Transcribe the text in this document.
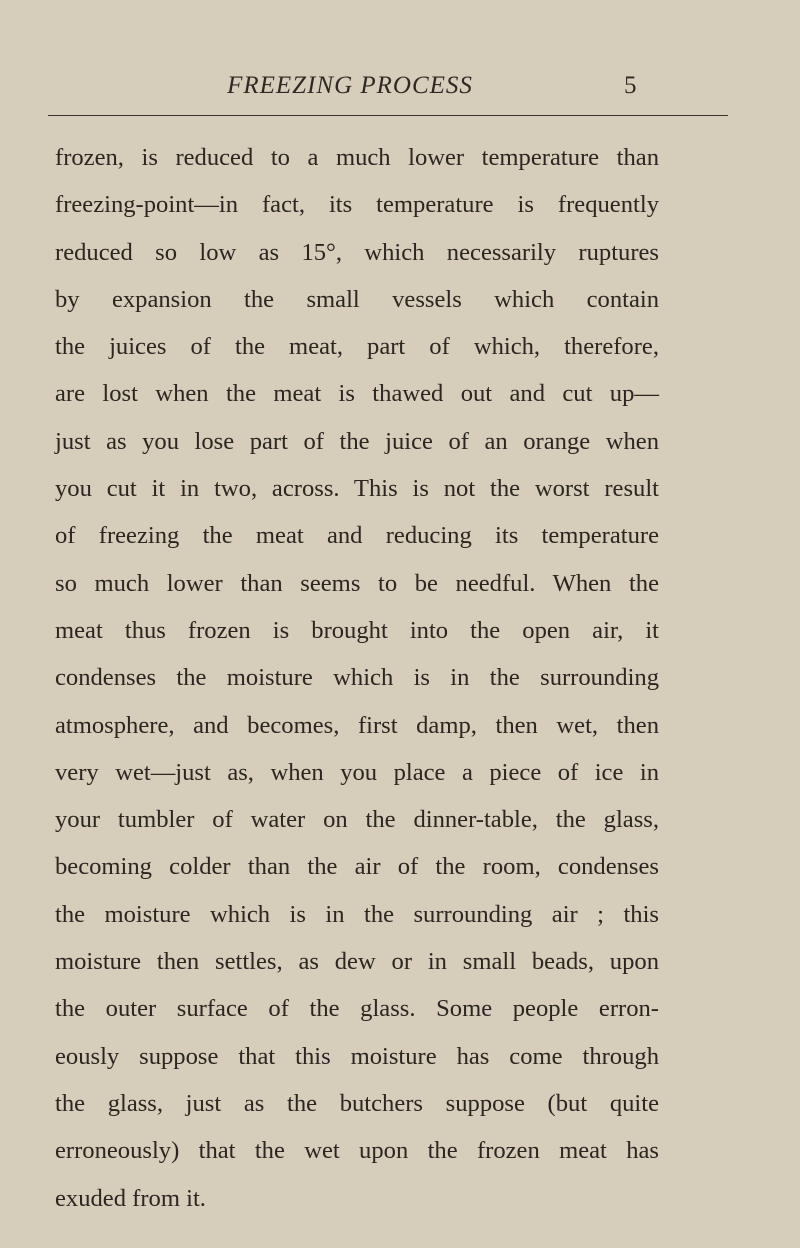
FREEZING PROCESS	5
frozen, is reduced to a much lower temperature than
freezing-point—in fact, its temperature is frequently
reduced so low as 15°, which necessarily ruptures
by expansion the small vessels which contain
the juices of the meat, part of which, therefore,
are lost when the meat is thawed out and cut up—
just as you lose part of the juice of an orange when
you cut it in two, across. This is not the worst result
of freezing the meat and reducing its temperature
so much lower than seems to be needful. When the
meat thus frozen is brought into the open air, it
condenses the moisture which is in the surrounding
atmosphere, and becomes, first damp, then wet, then
very wet—just as, when you place a piece of ice in
your tumbler of water on the dinner-table, the glass,
becoming colder than the air of the room, condenses
the moisture which is in the surrounding air ; this
moisture then settles, as dew or in small beads, upon
the outer surface of the glass. Some people erron-
eously suppose that this moisture has come through
the glass, just as the butchers suppose (but quite
erroneously) that the wet upon the frozen meat has
exuded from it.
